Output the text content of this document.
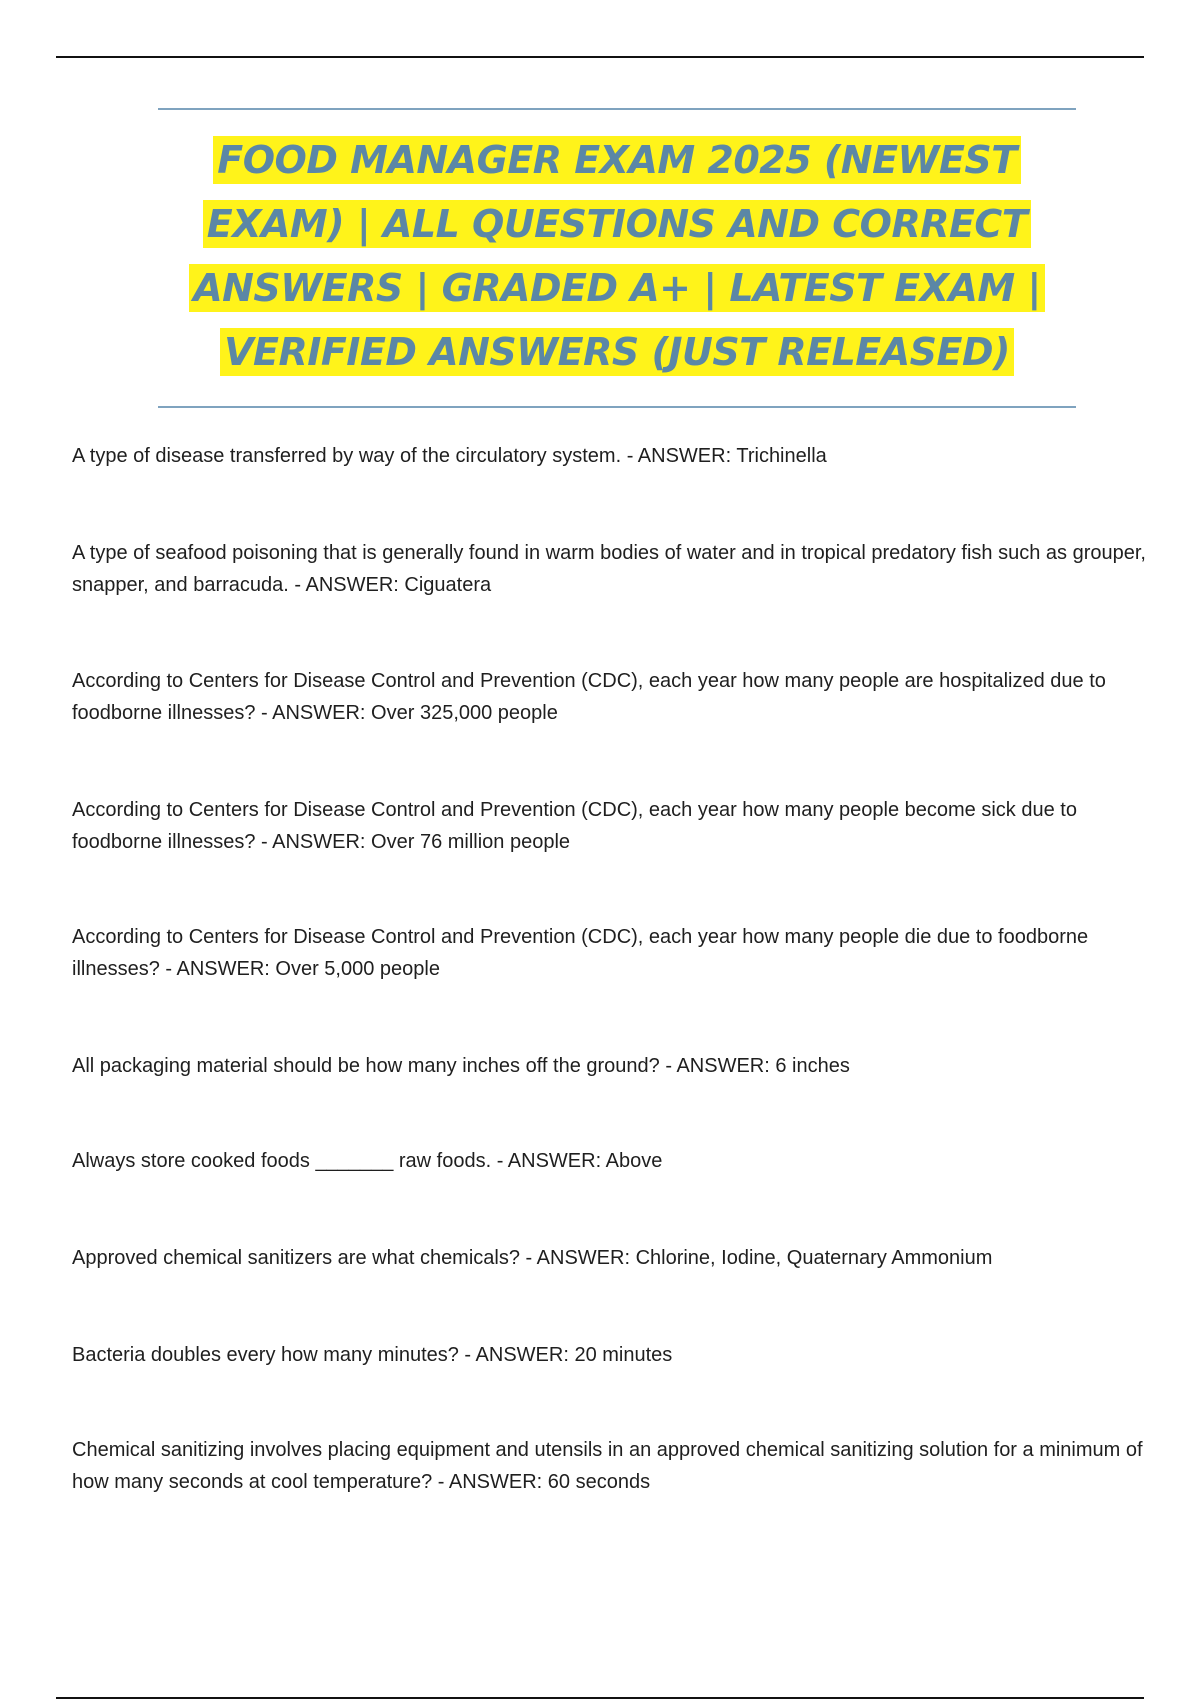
FOOD MANAGER EXAM 2025 (NEWEST EXAM) | ALL QUESTIONS AND CORRECT ANSWERS | GRADED A+ | LATEST EXAM | VERIFIED ANSWERS (JUST RELEASED)
A type of disease transferred by way of the circulatory system. - ANSWER: Trichinella
A type of seafood poisoning that is generally found in warm bodies of water and in tropical predatory fish such as grouper, snapper, and barracuda. - ANSWER: Ciguatera
According to Centers for Disease Control and Prevention (CDC), each year how many people are hospitalized due to foodborne illnesses? - ANSWER: Over 325,000 people
According to Centers for Disease Control and Prevention (CDC), each year how many people become sick due to foodborne illnesses? - ANSWER: Over 76 million people
According to Centers for Disease Control and Prevention (CDC), each year how many people die due to foodborne illnesses? - ANSWER: Over 5,000 people
All packaging material should be how many inches off the ground? - ANSWER: 6 inches
Always store cooked foods _______ raw foods. - ANSWER: Above
Approved chemical sanitizers are what chemicals? - ANSWER: Chlorine, Iodine, Quaternary Ammonium
Bacteria doubles every how many minutes? - ANSWER: 20 minutes
Chemical sanitizing involves placing equipment and utensils in an approved chemical sanitizing solution for a minimum of how many seconds at cool temperature? - ANSWER: 60 seconds
